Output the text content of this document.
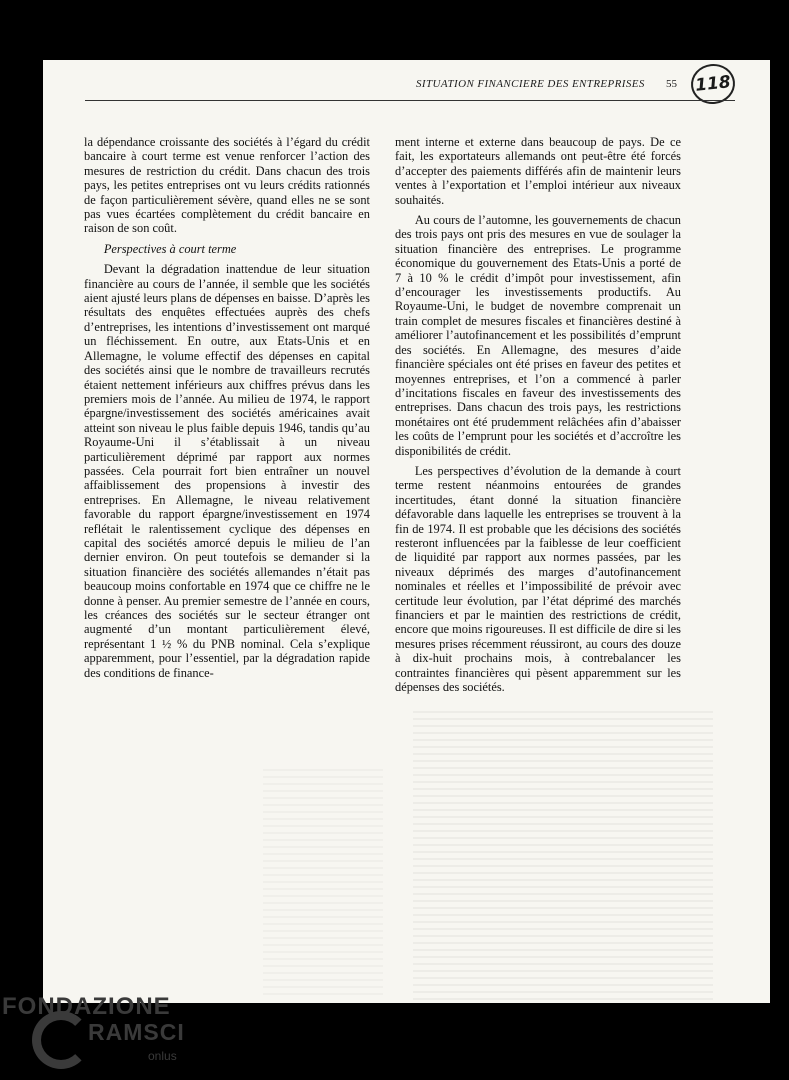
SITUATION FINANCIERE DES ENTREPRISES 55	118

la dépendance croissante des sociétés à l’égard du crédit bancaire à court terme est venue renforcer l’action des mesures de restriction du crédit. Dans chacun des trois pays, les petites entreprises ont vu leurs crédits rationnés de façon particulièrement sévère, quand elles ne se sont pas vues écartées complètement du crédit bancaire en raison de son coût.

Perspectives à court terme

Devant la dégradation inattendue de leur situation financière au cours de l’année, il semble que les sociétés aient ajusté leurs plans de dépenses en baisse. D’après les résultats des enquêtes effectuées auprès des chefs d’entreprises, les intentions d’investissement ont marqué un fléchissement. En outre, aux Etats-Unis et en Allemagne, le volume effectif des dépenses en capital des sociétés ainsi que le nombre de travailleurs recrutés étaient nettement inférieurs aux chiffres prévus dans les premiers mois de l’année. Au milieu de 1974, le rapport épargne/investissement des sociétés américaines avait atteint son niveau le plus faible depuis 1946, tandis qu’au Royaume-Uni il s’établissait à un niveau particulièrement déprimé par rapport aux normes passées. Cela pourrait fort bien entraîner un nouvel affaiblissement des propensions à investir des entreprises. En Allemagne, le niveau relativement favorable du rapport épargne/investissement en 1974 reflétait le ralentissement cyclique des dépenses en capital des sociétés amorcé depuis le milieu de l’an dernier environ. On peut toutefois se demander si la situation financière des sociétés allemandes n’était pas beaucoup moins confortable en 1974 que ce chiffre ne le donne à penser. Au premier semestre de l’année en cours, les créances des sociétés sur le secteur étranger ont augmenté d’un montant particulièrement élevé, représentant 1 ½ % du PNB nominal. Cela s’explique apparemment, pour l’essentiel, par la dégradation rapide des conditions de finance-

ment interne et externe dans beaucoup de pays. De ce fait, les exportateurs allemands ont peut-être été forcés d’accepter des paiements différés afin de maintenir leurs ventes à l’exportation et l’emploi intérieur aux niveaux souhaités.

Au cours de l’automne, les gouvernements de chacun des trois pays ont pris des mesures en vue de soulager la situation financière des entreprises. Le programme économique du gouvernement des Etats-Unis a porté de 7 à 10 % le crédit d’impôt pour investissement, afin d’encourager les investissements productifs. Au Royaume-Uni, le budget de novembre comprenait un train complet de mesures fiscales et financières destiné à améliorer l’autofinancement et les possibilités d’emprunt des sociétés. En Allemagne, des mesures d’aide financière spéciales ont été prises en faveur des petites et moyennes entreprises, et l’on a commencé à parler d’incitations fiscales en faveur des investissements des entreprises. Dans chacun des trois pays, les restrictions monétaires ont été prudemment relâchées afin d’abaisser les coûts de l’emprunt pour les sociétés et d’accroître les disponibilités de crédit.

Les perspectives d’évolution de la demande à court terme restent néanmoins entourées de grandes incertitudes, étant donné la situation financière défavorable dans laquelle les entreprises se trouvent à la fin de 1974. Il est probable que les décisions des sociétés resteront influencées par la faiblesse de leur coefficient de liquidité par rapport aux normes passées, par les niveaux déprimés des marges d’autofinancement nominales et réelles et l’impossibilité de prévoir avec certitude leur évolution, par l’état déprimé des marchés financiers et par le maintien des restrictions de crédit, encore que moins rigoureuses. Il est difficile de dire si les mesures prises récemment réussiront, au cours des douze à dix-huit prochains mois, à contrebalancer les contraintes financières qui pèsent apparemment sur les dépenses des sociétés.

FONDAZIONE
RAMSCI
onlus
